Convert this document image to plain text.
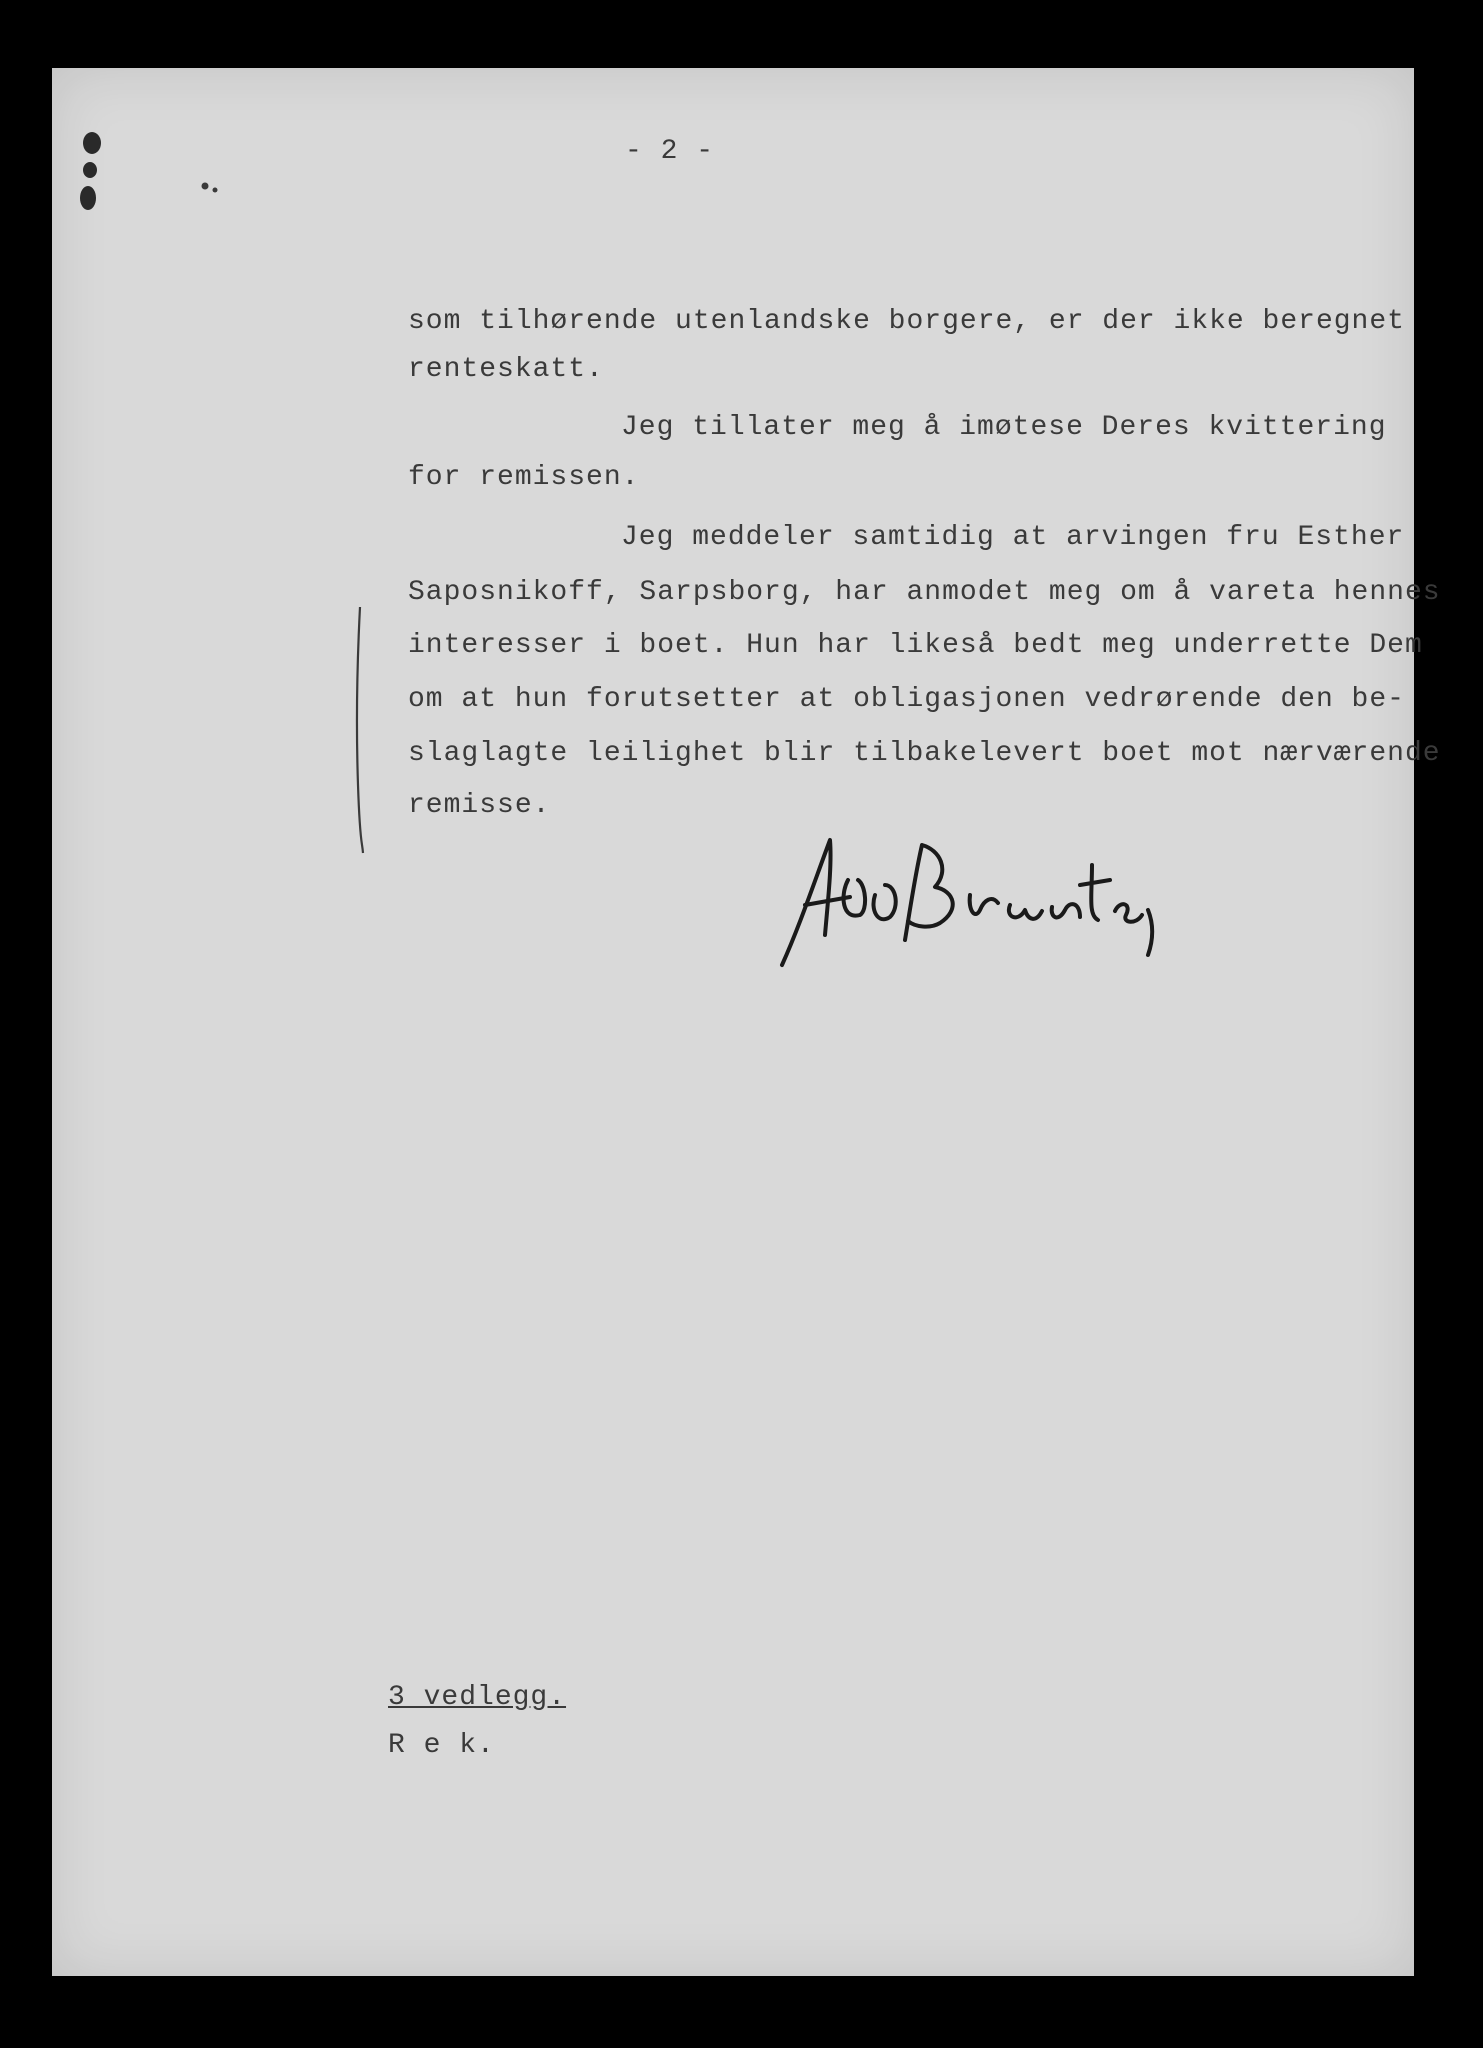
- 2 -
som tilhørende utenlandske borgere, er der ikke beregnet
renteskatt.
Jeg tillater meg å imøtese Deres kvittering
for remissen.
Jeg meddeler samtidig at arvingen fru Esther
Saposnikoff, Sarpsborg, har anmodet meg om å vareta hennes
interesser i boet. Hun har likeså bedt meg underrette Dem
om at hun forutsetter at obligasjonen vedrørende den be-
slaglagte leilighet blir tilbakelevert boet mot nærværende
remisse.
3 vedlegg.
R e k.
